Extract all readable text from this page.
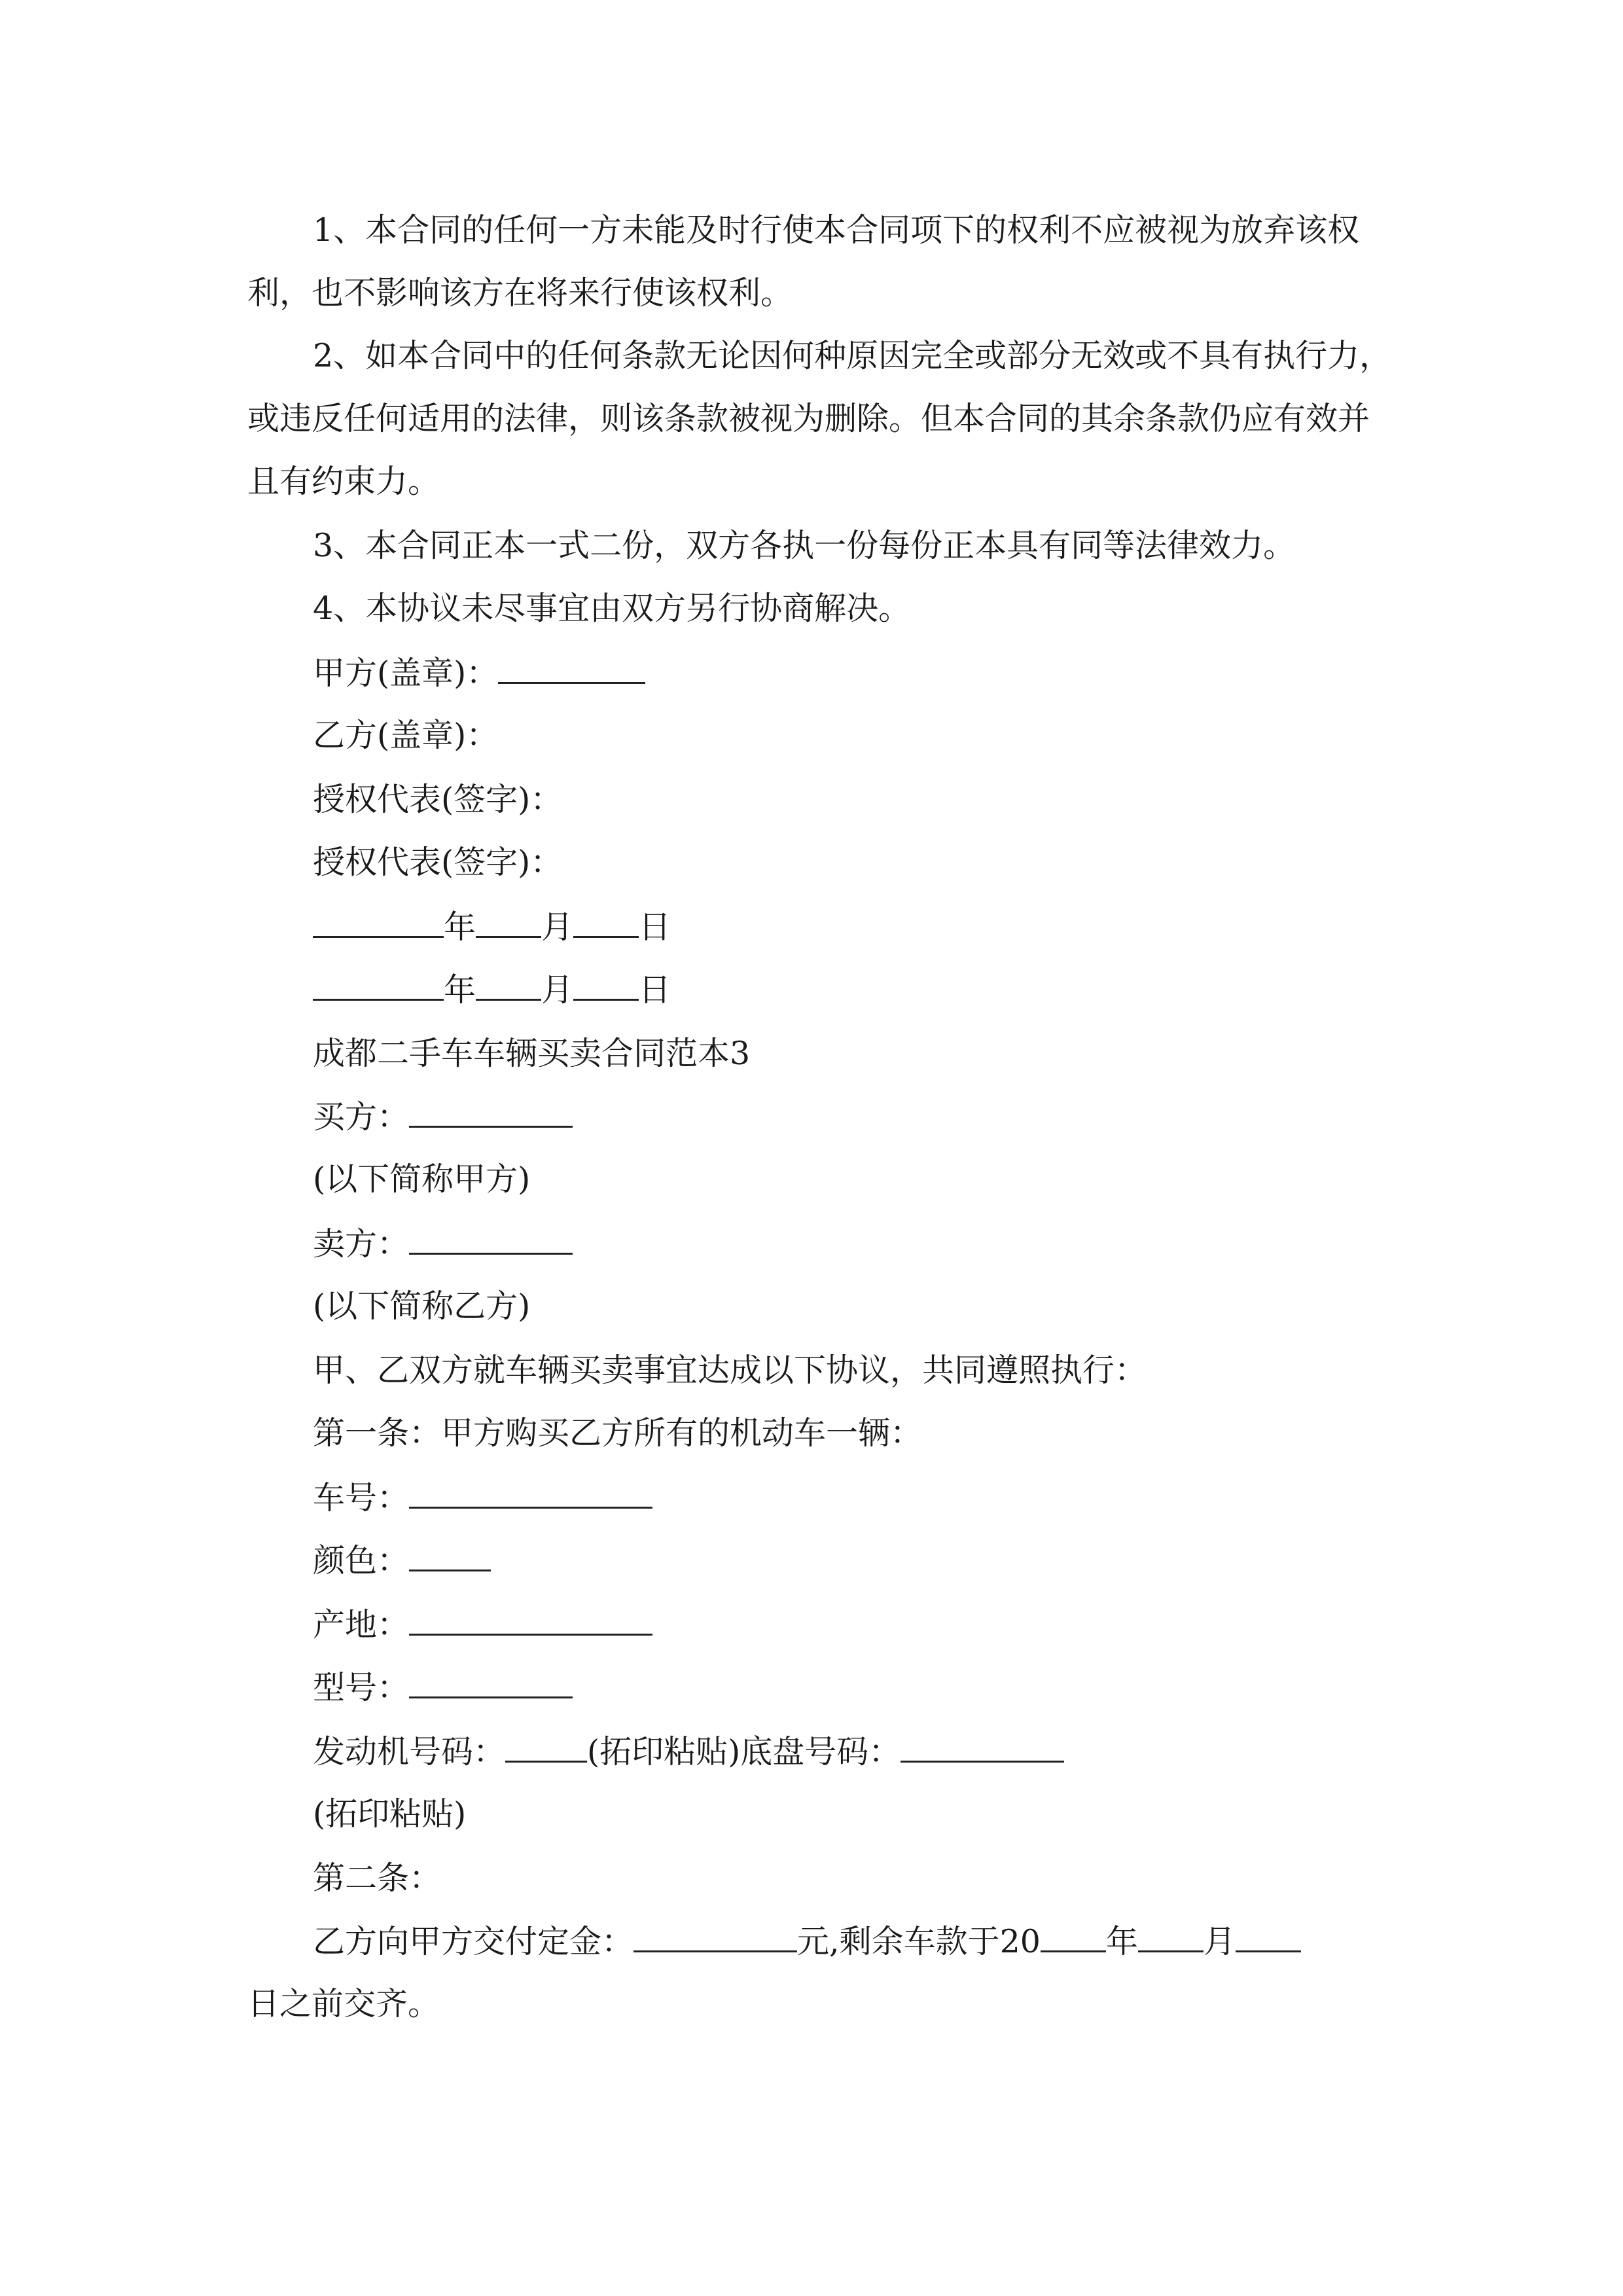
1、本合同的任何一方未能及时行使本合同项下的权利不应被视为放弃该权
利，也不影响该方在将来行使该权利。
2、如本合同中的任何条款无论因何种原因完全或部分无效或不具有执行力，
或违反任何适用的法律，则该条款被视为删除。但本合同的其余条款仍应有效并
且有约束力。
3、本合同正本一式二份，双方各执一份每份正本具有同等法律效力。
4、本协议未尽事宜由双方另行协商解决。
甲方(盖章)：
乙方(盖章)：
授权代表(签字)：
授权代表(签字)：
年 月 日
年 月 日
成都二手车车辆买卖合同范本3
买方：
(以下简称甲方)
卖方：
(以下简称乙方)
甲、乙双方就车辆买卖事宜达成以下协议，共同遵照执行：
第一条：甲方购买乙方所有的机动车一辆：
车号：
颜色：
产地：
型号：
发动机号码：	(拓印粘贴)底盘号码：
(拓印粘贴)
第二条：
乙方向甲方交付定金：	元,剩余车款于20 年 月
日之前交齐。
